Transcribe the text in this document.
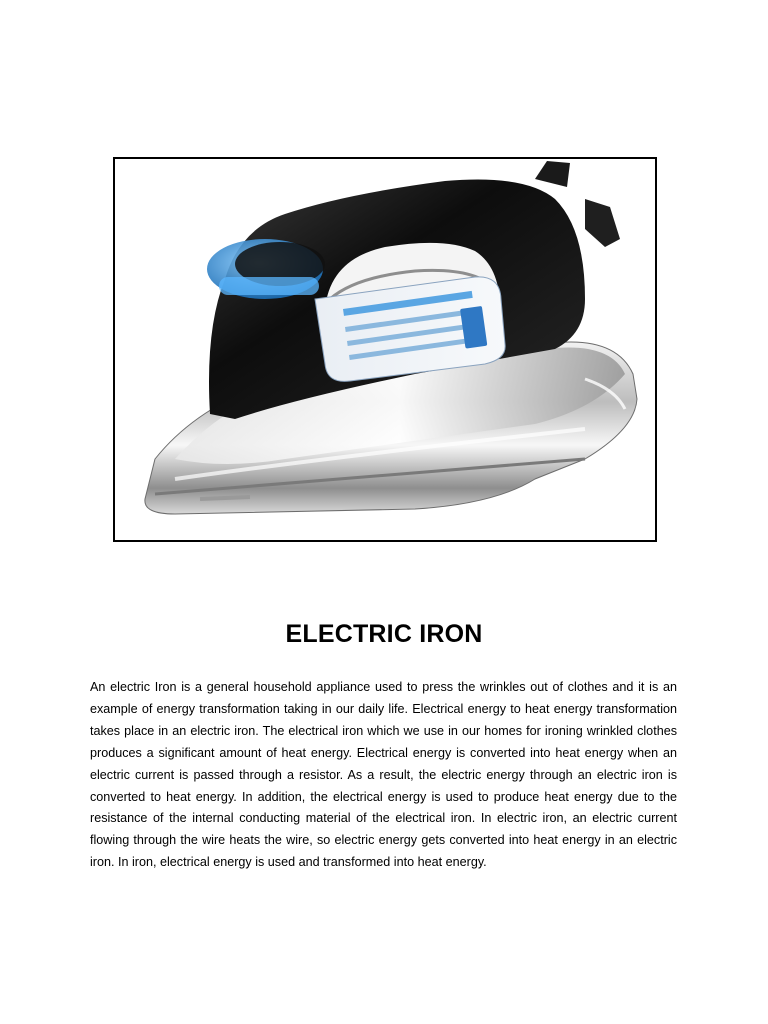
ELECTRIC IRON

An electric Iron is a general household appliance used to press the wrinkles out of clothes and it is an example of energy transformation taking in our daily life. Electrical energy to heat energy transformation takes place in an electric iron. The electrical iron which we use in our homes for ironing wrinkled clothes produces a significant amount of heat energy. Electrical energy is converted into heat energy when an electric current is passed through a resistor. As a result, the electric energy through an electric iron is converted to heat energy. In addition, the electrical energy is used to produce heat energy due to the resistance of the internal conducting material of the electrical iron. In electric iron, an electric current flowing through the wire heats the wire, so electric energy gets converted into heat energy in an electric iron. In iron, electrical energy is used and transformed into heat energy.
